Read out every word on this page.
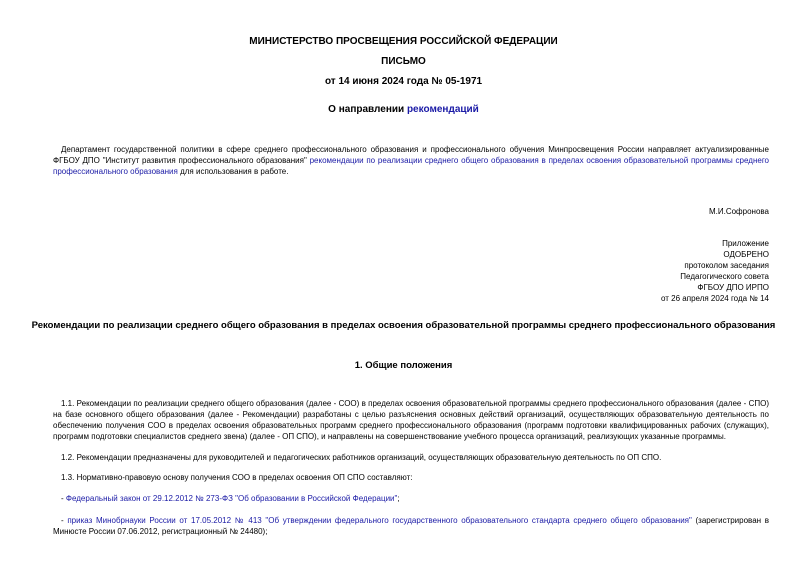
МИНИСТЕРСТВО ПРОСВЕЩЕНИЯ РОССИЙСКОЙ ФЕДЕРАЦИИ
ПИСЬМО
от 14 июня 2024 года № 05-1971
О направлении рекомендаций
Департамент государственной политики в сфере среднего профессионального образования и профессионального обучения Минпросвещения России направляет актуализированные ФГБОУ ДПО "Институт развития профессионального образования" рекомендации по реализации среднего общего образования в пределах освоения образовательной программы среднего профессионального образования для использования в работе.
М.И.Софронова
Приложение
ОДОБРЕНО
протоколом заседания
Педагогического совета
ФГБОУ ДПО ИРПО
от 26 апреля 2024 года № 14
Рекомендации по реализации среднего общего образования в пределах освоения образовательной программы среднего профессионального образования
1. Общие положения
1.1. Рекомендации по реализации среднего общего образования (далее - СОО) в пределах освоения образовательной программы среднего профессионального образования (далее - СПО) на базе основного общего образования (далее - Рекомендации) разработаны с целью разъяснения основных действий организаций, осуществляющих образовательную деятельность по обеспечению получения СОО в пределах освоения образовательных программ среднего профессионального образования (программ подготовки квалифицированных рабочих (служащих), программ подготовки специалистов среднего звена) (далее - ОП СПО), и направлены на совершенствование учебного процесса организаций, реализующих указанные программы.
1.2. Рекомендации предназначены для руководителей и педагогических работников организаций, осуществляющих образовательную деятельность по ОП СПО.
1.3. Нормативно-правовую основу получения СОО в пределах освоения ОП СПО составляют:
- Федеральный закон от 29.12.2012 № 273-ФЗ "Об образовании в Российской Федерации";
- приказ Минобрнауки России от 17.05.2012 № 413 "Об утверждении федерального государственного образовательного стандарта среднего общего образования" (зарегистрирован в Минюсте России 07.06.2012, регистрационный № 24480);
